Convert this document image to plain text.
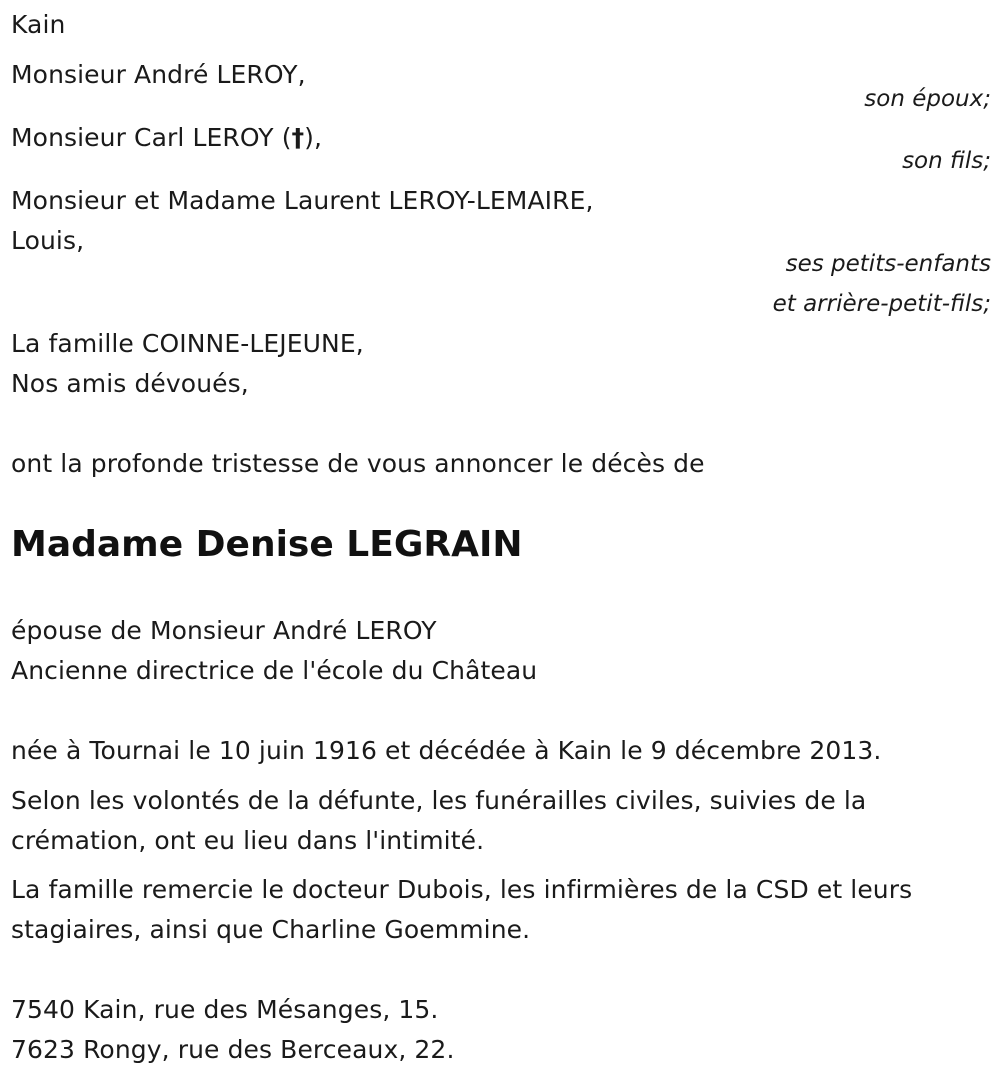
Kain
Monsieur André LEROY,
son époux;
Monsieur Carl LEROY (†),
son fils;
Monsieur et Madame Laurent LEROY-LEMAIRE,
Louis,
ses petits-enfants
et arrière-petit-fils;
La famille COINNE-LEJEUNE,
Nos amis dévoués,
ont la profonde tristesse de vous annoncer le décès de
Madame Denise LEGRAIN
épouse de Monsieur André LEROY
Ancienne directrice de l'école du Château
née à Tournai le 10 juin 1916 et décédée à Kain le 9 décembre 2013.
Selon les volontés de la défunte, les funérailles civiles, suivies de la
crémation, ont eu lieu dans l'intimité.
La famille remercie le docteur Dubois, les infirmières de la CSD et leurs
stagiaires, ainsi que Charline Goemmine.
7540 Kain, rue des Mésanges, 15.
7623 Rongy, rue des Berceaux, 22.
